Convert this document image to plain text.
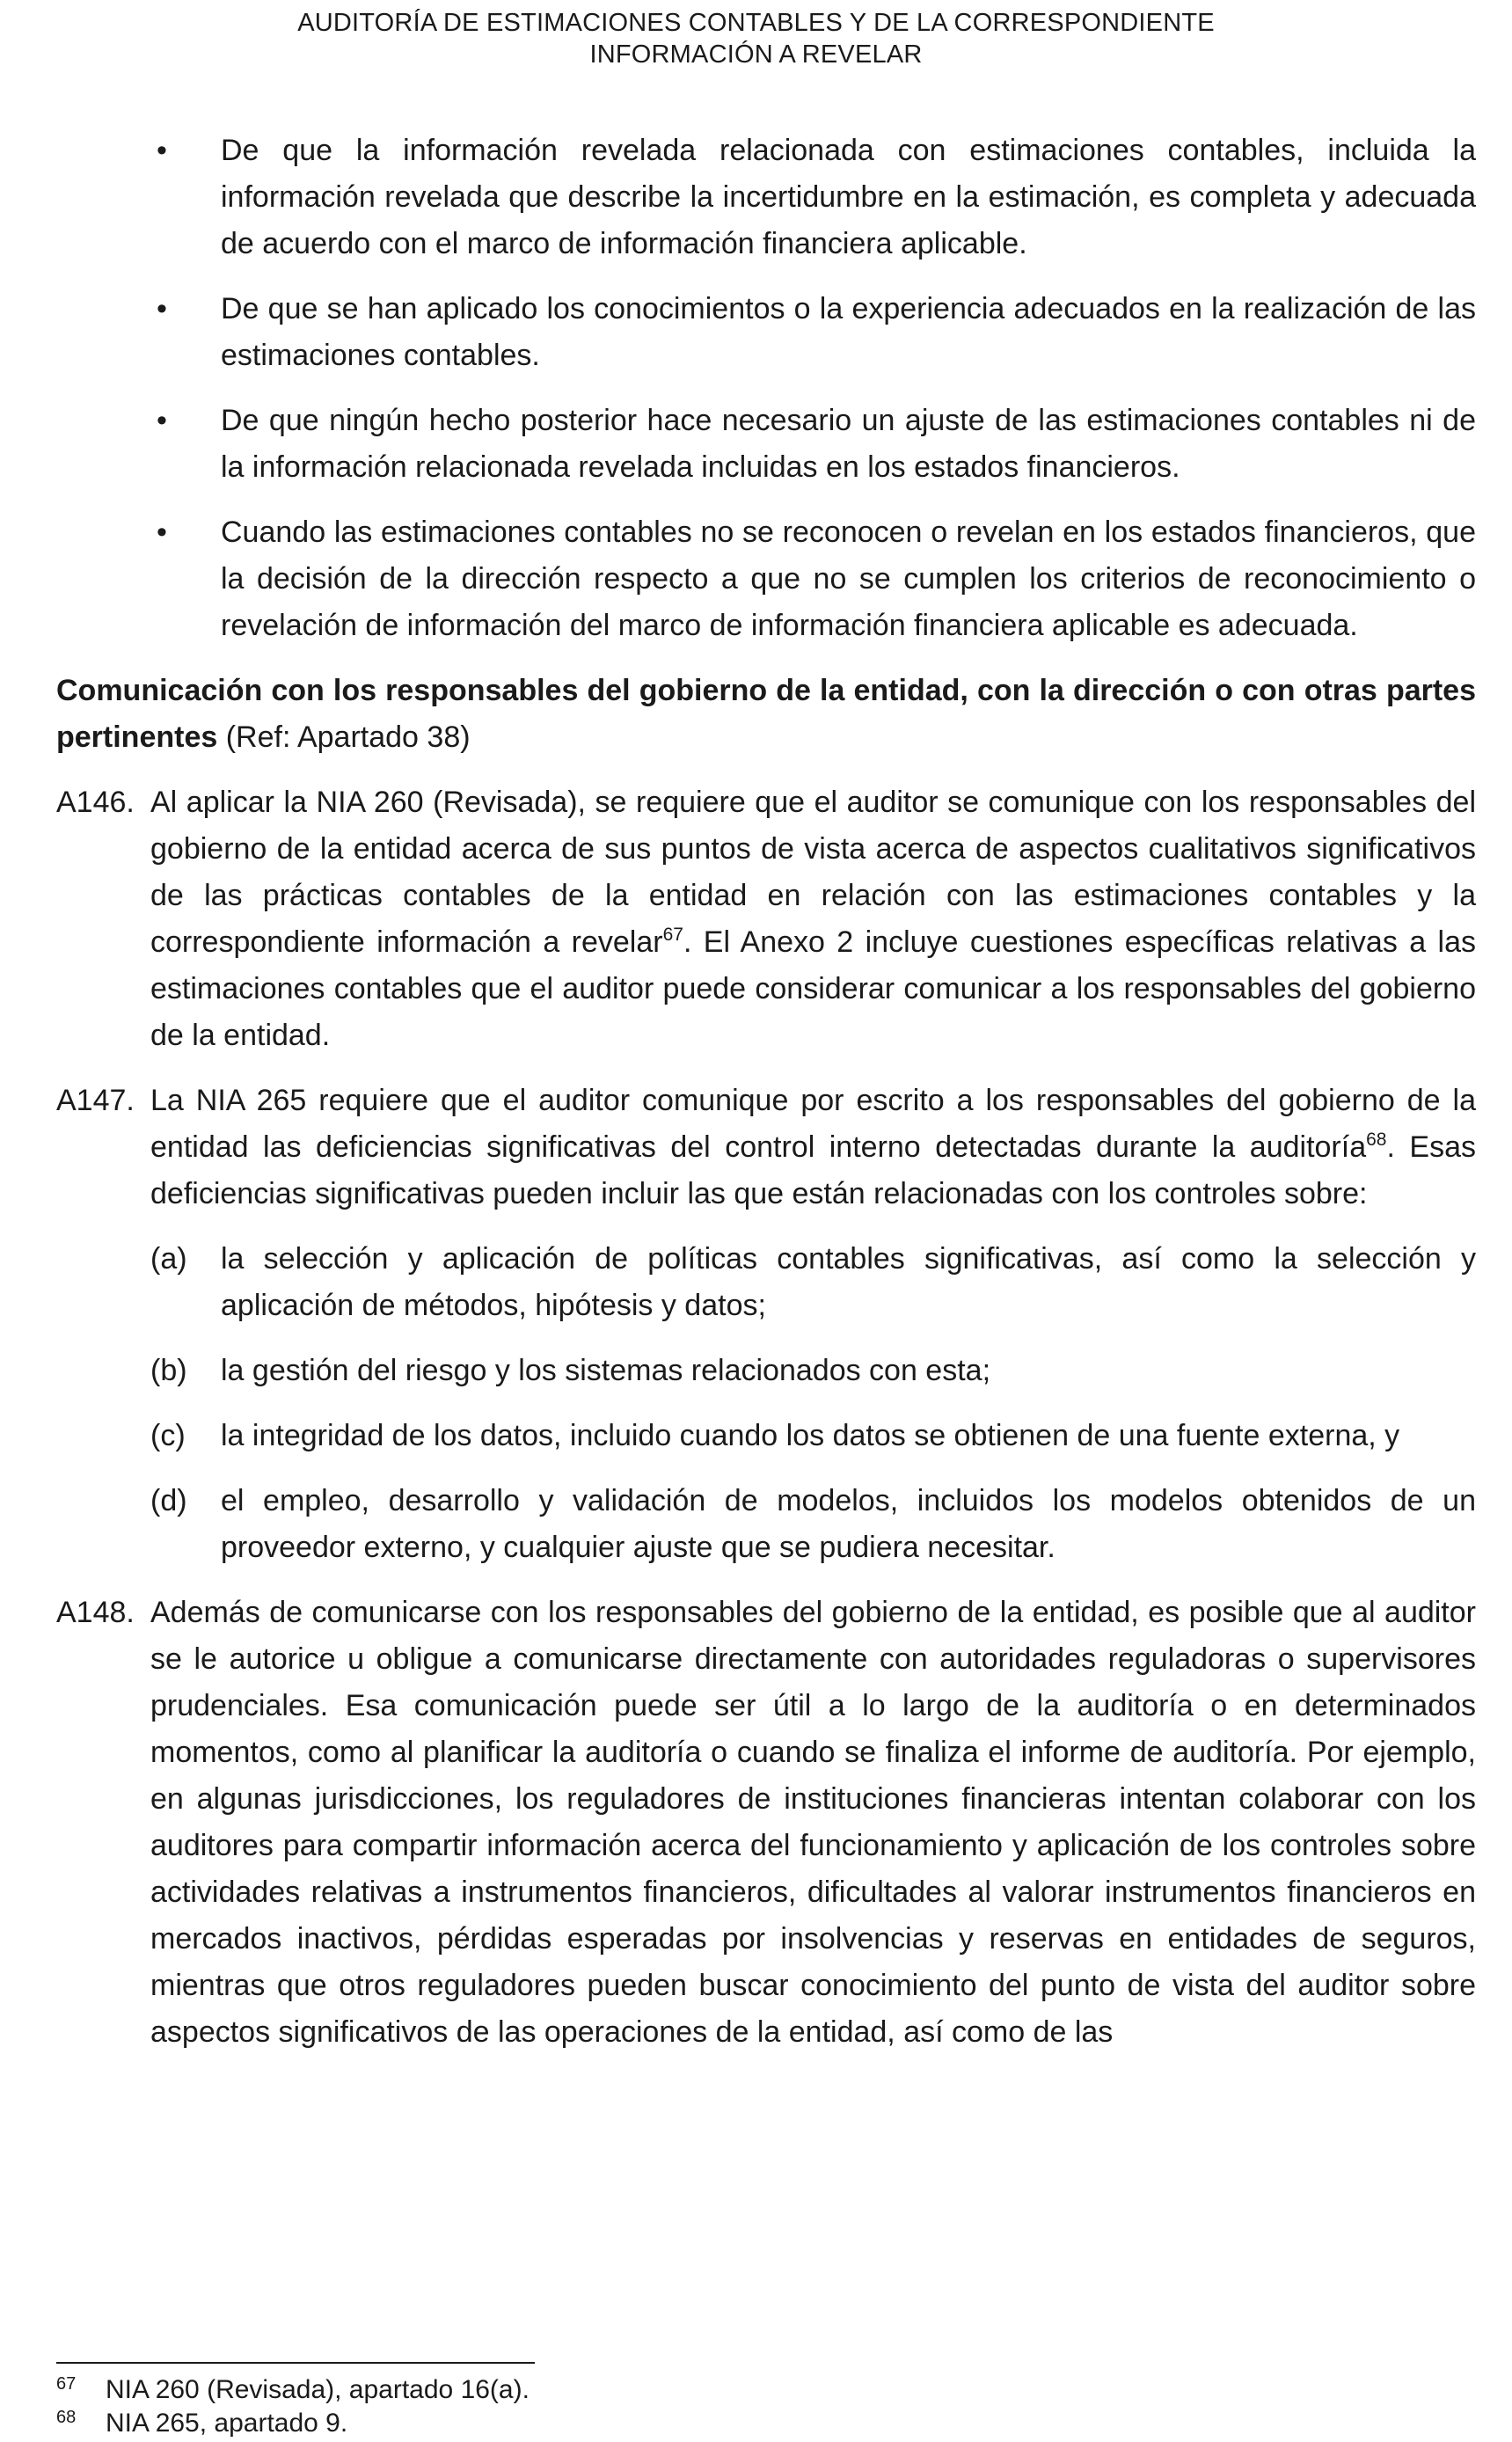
AUDITORÍA DE ESTIMACIONES CONTABLES Y DE LA CORRESPONDIENTE
INFORMACIÓN A REVELAR
•	De que la información revelada relacionada con estimaciones contables, incluida la información revelada que describe la incertidumbre en la estimación, es completa y adecuada de acuerdo con el marco de información financiera aplicable.
•	De que se han aplicado los conocimientos o la experiencia adecuados en la realización de las estimaciones contables.
•	De que ningún hecho posterior hace necesario un ajuste de las estimaciones contables ni de la información relacionada revelada incluidas en los estados financieros.
•	Cuando las estimaciones contables no se reconocen o revelan en los estados financieros, que la decisión de la dirección respecto a que no se cumplen los criterios de reconocimiento o revelación de información del marco de información financiera aplicable es adecuada.
Comunicación con los responsables del gobierno de la entidad, con la dirección o con otras partes pertinentes (Ref: Apartado 38)
A146. Al aplicar la NIA 260 (Revisada), se requiere que el auditor se comunique con los responsables del gobierno de la entidad acerca de sus puntos de vista acerca de aspectos cualitativos significativos de las prácticas contables de la entidad en relación con las estimaciones contables y la correspondiente información a revelar$^{67}$. El Anexo 2 incluye cuestiones específicas relativas a las estimaciones contables que el auditor puede considerar comunicar a los responsables del gobierno de la entidad.
A147. La NIA 265 requiere que el auditor comunique por escrito a los responsables del gobierno de la entidad las deficiencias significativas del control interno detectadas durante la auditoría$^{68}$. Esas deficiencias significativas pueden incluir las que están relacionadas con los controles sobre:
(a)	la selección y aplicación de políticas contables significativas, así como la selección y aplicación de métodos, hipótesis y datos;
(b)	la gestión del riesgo y los sistemas relacionados con esta;
(c)	la integridad de los datos, incluido cuando los datos se obtienen de una fuente externa, y
(d)	el empleo, desarrollo y validación de modelos, incluidos los modelos obtenidos de un proveedor externo, y cualquier ajuste que se pudiera necesitar.
A148. Además de comunicarse con los responsables del gobierno de la entidad, es posible que al auditor se le autorice u obligue a comunicarse directamente con autoridades reguladoras o supervisores prudenciales. Esa comunicación puede ser útil a lo largo de la auditoría o en determinados momentos, como al planificar la auditoría o cuando se finaliza el informe de auditoría. Por ejemplo, en algunas jurisdicciones, los reguladores de instituciones financieras intentan colaborar con los auditores para compartir información acerca del funcionamiento y aplicación de los controles sobre actividades relativas a instrumentos financieros, dificultades al valorar instrumentos financieros en mercados inactivos, pérdidas esperadas por insolvencias y reservas en entidades de seguros, mientras que otros reguladores pueden buscar conocimiento del punto de vista del auditor sobre aspectos significativos de las operaciones de la entidad, así como de las
67	NIA 260 (Revisada), apartado 16(a).
68	NIA 265, apartado 9.
